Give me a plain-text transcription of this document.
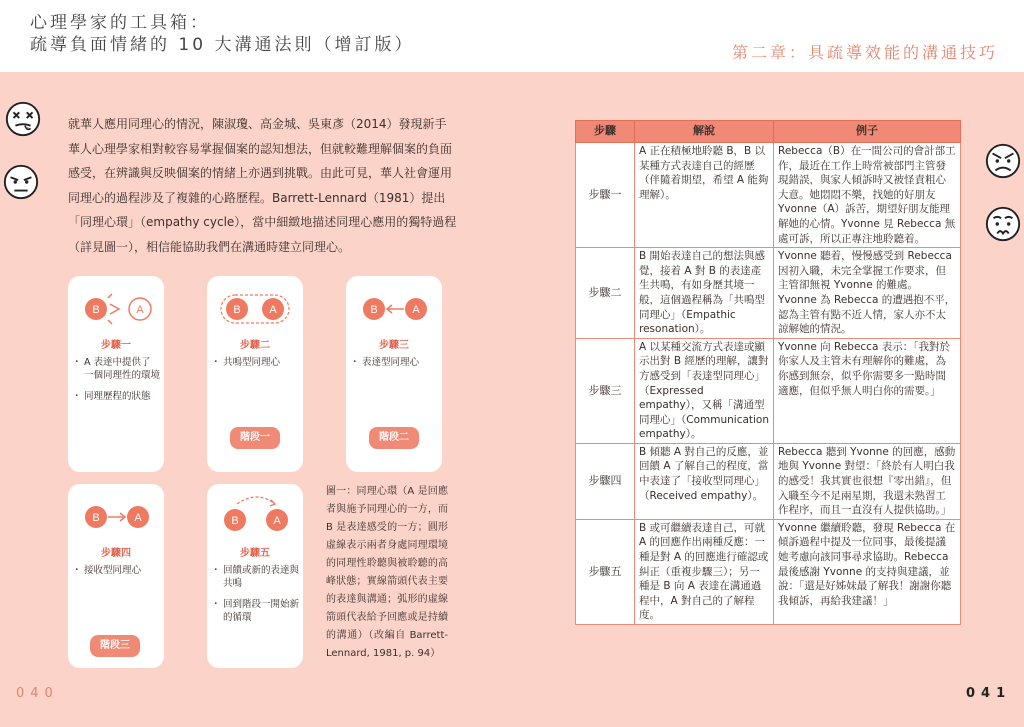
心理學家的工具箱：
疏導負面情緒的 10 大溝通法則（增訂版）	第二章：具疏導效能的溝通技巧
就華人應用同理心的情況，陳淑瓊、高金城、吳東彥（2014）發現新手華人心理學家相對較容易掌握個案的認知想法，但就較難理解個案的負面感受，在辨識與反映個案的情緒上亦遇到挑戰。由此可見，華人社會運用同理心的過程涉及了複雜的心路歷程。Barrett-Lennard（1981）提出「同理心環」（empathy cycle），當中細緻地描述同理心應用的獨特過程（詳見圖一），相信能協助我們在溝通時建立同理心。
B	A
步驟一
・ A 表達中提供了一個同理性的環境
・ 同理歷程的狀態
B	A
步驟二
・ 共鳴型同理心
B	A
步驟三
・ 表達型同理心
B	A
步驟四
・ 接收型同理心
B	A
步驟五
・ 回饋或新的表達與共鳴
・ 回到階段一開始新的循環
階段一	階段二
階段三
圖一：同理心環（A 是回應者與施予同理心的一方，而 B 是表達感受的一方；圓形虛線表示兩者身處同理環境的同理性聆聽與被聆聽的高峰狀態；實線箭頭代表主要的表達與溝通；弧形的虛線箭頭代表給予回應或是持續的溝通）（改編自 Barrett-Lennard, 1981, p. 94）
040
步驟	解說	例子
步驟一	A 正在積極地聆聽 B，B 以某種方式表達自己的經歷（伴隨着期望，希望 A 能夠理解）。	Rebecca（B）在一間公司的會計部工作，最近在工作上時常被部門主管發現錯誤，與家人傾訴時又被怪責粗心大意。她悶悶不樂，找她的好朋友 Yvonne（A）訴苦，期望好朋友能理解她的心情。Yvonne 見 Rebecca 無處可訴，所以正專注地聆聽着。
步驟二	B 開始表達自己的想法與感覺，接着 A 對 B 的表達產生共鳴，有如身歷其境一般，這個過程稱為「共鳴型同理心」（Empathic resonation）。	Yvonne 聽着，慢慢感受到 Rebecca 因初入職，未完全掌握工作要求，但主管卻無視 Yvonne 的難處。Yvonne 為 Rebecca 的遭遇抱不平，認為主管有點不近人情，家人亦不太諒解她的情況。
步驟三	A 以某種交流方式表達或顯示出對 B 經歷的理解，讓對方感受到「表達型同理心」（Expressed empathy），又稱「溝通型同理心」（Communication empathy）。	Yvonne 向 Rebecca 表示：「我對於你家人及主管未有理解你的難處，為你感到無奈，似乎你需要多一點時間適應，但似乎無人明白你的需要。」
步驟四	B 傾聽 A 對自己的反應，並回饋 A 了解自己的程度，當中表達了「接收型同理心」（Received empathy）。	Rebecca 聽到 Yvonne 的回應，感動地與 Yvonne 對望：「終於有人明白我的感受！我其實也很想『零出錯』，但入職至今不足兩星期，我還未熟習工作程序，而且一直沒有人提供協助。」
步驟五	B 或可繼續表達自己，可就 A 的回應作出兩種反應：一種是對 A 的回應進行確認或糾正（重複步驟三）；另一種是 B 向 A 表達在溝通過程中，A 對自己的了解程度。	Yvonne 繼續聆聽，發現 Rebecca 在傾訴過程中提及一位同事，最後提議她考慮向該同事尋求協助。Rebecca 最後感謝 Yvonne 的支持與建議，並說：「還是好姊妹最了解我！謝謝你聽我傾訴，再給我建議！」
041
